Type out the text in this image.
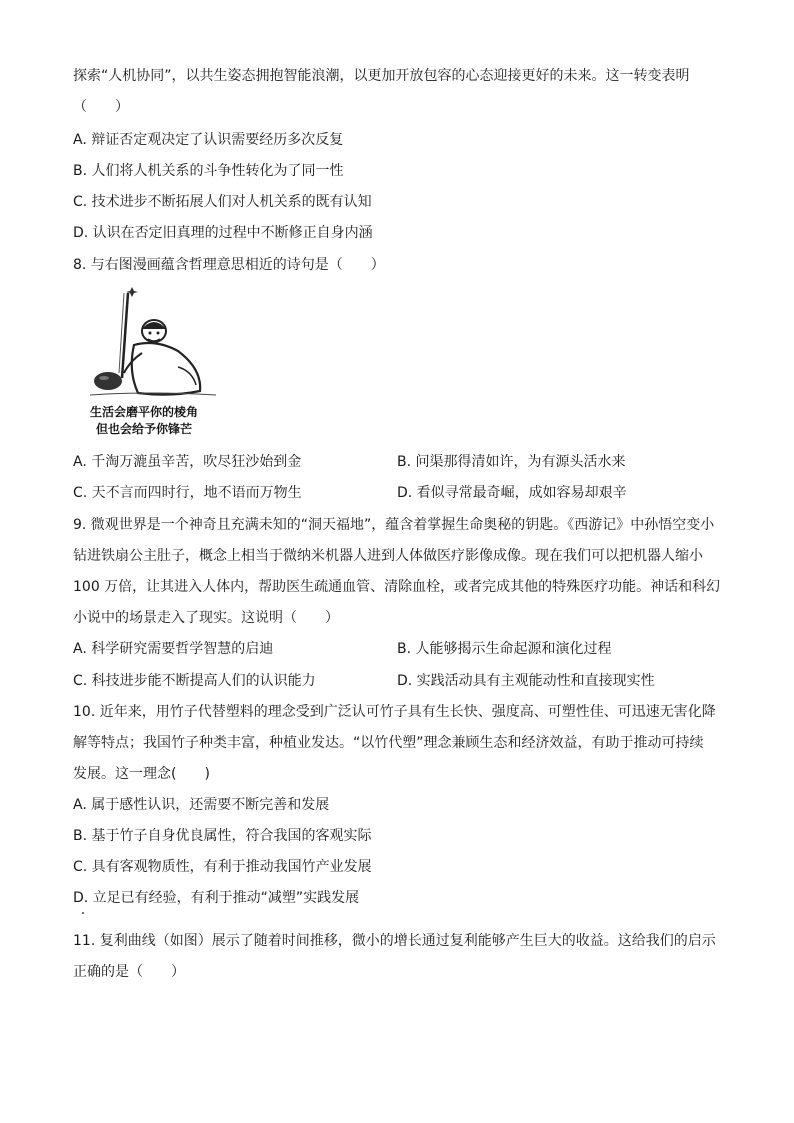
探索“人机协同”，以共生姿态拥抱智能浪潮，以更加开放包容的心态迎接更好的未来。这一转变表明
（　　）
A. 辩证否定观决定了认识需要经历多次反复
B. 人们将人机关系的斗争性转化为了同一性
C. 技术进步不断拓展人们对人机关系的既有认知
D. 认识在否定旧真理的过程中不断修正自身内涵
8. 与右图漫画蕴含哲理意思相近的诗句是（　　）
生活会磨平你的棱角
但也会给予你锋芒
A. 千淘万漉虽辛苦，吹尽狂沙始到金	B. 问渠那得清如许，为有源头活水来
C. 天不言而四时行，地不语而万物生	D. 看似寻常最奇崛，成如容易却艰辛
9. 微观世界是一个神奇且充满未知的“洞天福地”，蕴含着掌握生命奥秘的钥匙。《西游记》中孙悟空变小
钻进铁扇公主肚子，概念上相当于微纳米机器人进到人体做医疗影像成像。现在我们可以把机器人缩小
100 万倍，让其进入人体内，帮助医生疏通血管、清除血栓，或者完成其他的特殊医疗功能。神话和科幻
小说中的场景走入了现实。这说明（　　）
A. 科学研究需要哲学智慧的启迪	B. 人能够揭示生命起源和演化过程
C. 科技进步能不断提高人们的认识能力	D. 实践活动具有主观能动性和直接现实性
10. 近年来，用竹子代替塑料的理念受到广泛认可竹子具有生长快、强度高、可塑性佳、可迅速无害化降
解等特点；我国竹子种类丰富，种植业发达。“以竹代塑”理念兼顾生态和经济效益，有助于推动可持续
发展。这一理念(　　)
A. 属于感性认识，还需要不断完善和发展
B. 基于竹子自身优良属性，符合我国的客观实际
C. 具有客观物质性，有利于推动我国竹产业发展
D. 立足已有经验，有利于推动“减塑”实践发展
11. 复利曲线（如图）展示了随着时间推移，微小的增长通过复利能够产生巨大的收益。这给我们的启示
正确的是（　　）
